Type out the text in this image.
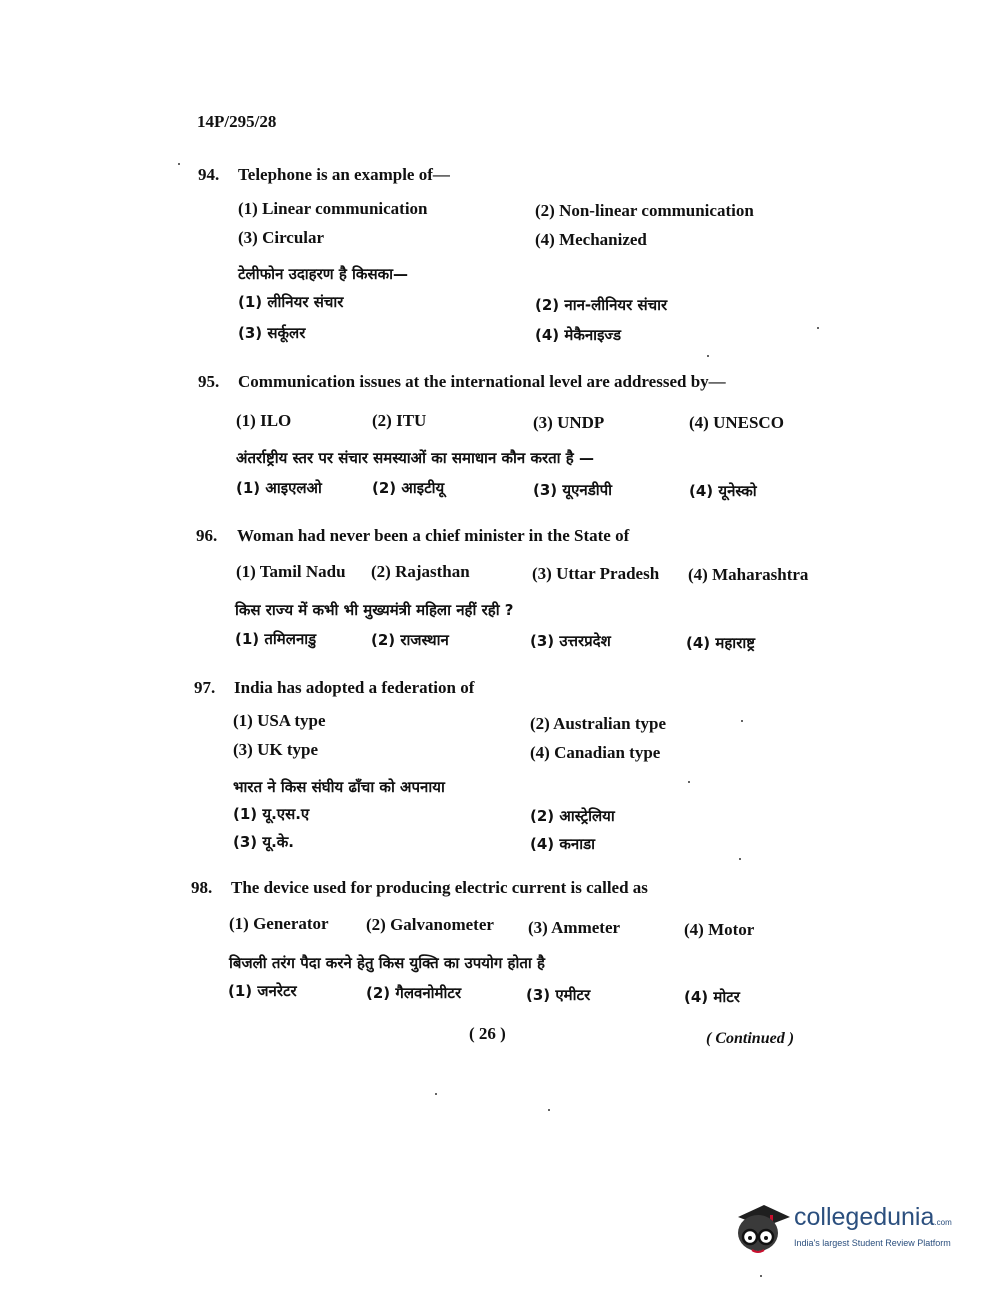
14P/295/28
94. Telephone is an example of—
(1) Linear communication	(2) Non-linear communication
(3) Circular	(4) Mechanized
टेलीफोन उदाहरण है किसका—
(1) लीनियर संचार	(2) नान-लीनियर संचार
(3) सर्कूलर	(4) मेकैनाइज्ड
95. Communication issues at the international level are addressed by—
(1) ILO	(2) ITU	(3) UNDP	(4) UNESCO
अंतर्राष्ट्रीय स्तर पर संचार समस्याओं का समाधान कौन करता है —
(1) आइएलओ	(2) आइटीयू	(3) यूएनडीपी	(4) यूनेस्को
96. Woman had never been a chief minister in the State of
(1) Tamil Nadu (2) Rajasthan	(3) Uttar Pradesh (4) Maharashtra
किस राज्य में कभी भी मुख्यमंत्री महिला नहीं रही ?
(1) तमिलनाडु	(2) राजस्थान	(3) उत्तरप्रदेश	(4) महाराष्ट्र
97. India has adopted a federation of
(1) USA type	(2) Australian type
(3) UK type	(4) Canadian type
भारत ने किस संघीय ढाँचा को अपनाया
(1) यू.एस.ए	(2) आस्ट्रेलिया
(3) यू.के.	(4) कनाडा
98. The device used for producing electric current is called as
(1) Generator (2) Galvanometer (3) Ammeter	(4) Motor
बिजली तरंग पैदा करने हेतु किस युक्ति का उपयोग होता है
(1) जनरेटर	(2) गैलवनोमीटर	(3) एमीटर	(4) मोटर
( 26 )	( Continued )
collegedunia.com
India's largest Student Review Platform
